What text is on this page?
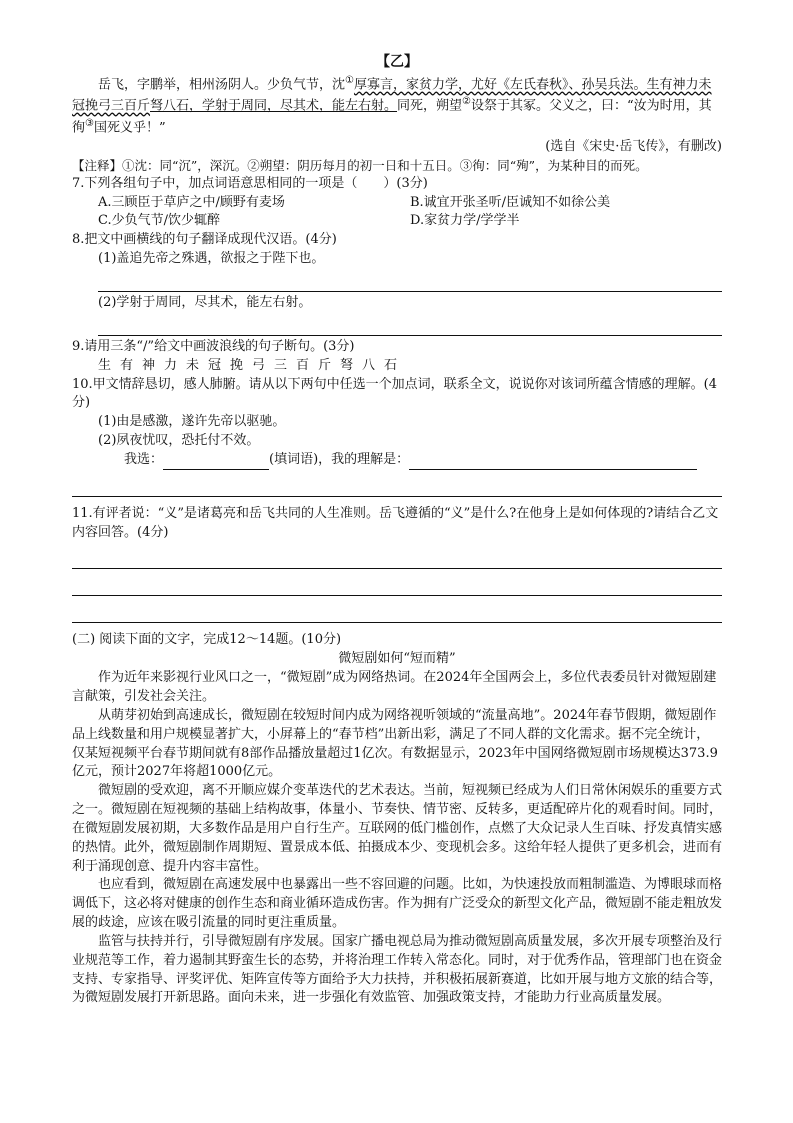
【乙】

岳飞，字鹏举，相州汤阴人。少负气节，沈①厚寡言，家贫力学，尤好《左氏春秋》、孙吴兵法。生有神力未冠挽弓三百斤弩八石，学射于周同，尽其术，能左右射。同死，朔望②设祭于其冢。父义之，曰：“汝为时用，其徇③国死义乎！”

(选自《宋史·岳飞传》，有删改)
【注释】①沈：同“沉”，深沉。②朔望：阴历每月的初一日和十五日。③徇：同“殉”，为某种目的而死。
7.下列各组句子中，加点词语意思相同的一项是（　　）(3分)
A.三顾臣于草庐之中/顾野有麦场	B.诚宜开张圣听/臣诚知不如徐公美
C.少负气节/饮少辄醉	D.家贫力学/学学半
8.把文中画横线的句子翻译成现代汉语。(4分)
(1)盖追先帝之殊遇，欲报之于陛下也。
(2)学射于周同，尽其术，能左右射。
9.请用三条“/”给文中画波浪线的句子断句。(3分)
生有神力未冠挽弓三百斤弩八石
10.甲文情辞恳切，感人肺腑。请从以下两句中任选一个加点词，联系全文，说说你对该词所蕴含情感的理解。(4分)
(1)由是感激，遂许先帝以驱驰。
(2)夙夜忧叹，恐托付不效。
我选：	(填词语)，我的理解是：
11.有评者说：“义”是诸葛亮和岳飞共同的人生准则。岳飞遵循的“义”是什么?在他身上是如何体现的?请结合乙文内容回答。(4分)
(二) 阅读下面的文字，完成12～14题。(10分)
微短剧如何“短而精”

作为近年来影视行业风口之一，“微短剧”成为网络热词。在2024年全国两会上，多位代表委员针对微短剧建言献策，引发社会关注。

从萌芽初始到高速成长，微短剧在较短时间内成为网络视听领域的“流量高地”。2024年春节假期，微短剧作品上线数量和用户规模显著扩大，小屏幕上的“春节档”出新出彩，满足了不同人群的文化需求。据不完全统计，仅某短视频平台春节期间就有8部作品播放量超过1亿次。有数据显示，2023年中国网络微短剧市场规模达373.9亿元，预计2027年将超1000亿元。

微短剧的受欢迎，离不开顺应媒介变革迭代的艺术表达。当前，短视频已经成为人们日常休闲娱乐的重要方式之一。微短剧在短视频的基础上结构故事，体量小、节奏快、情节密、反转多，更适配碎片化的观看时间。同时，在微短剧发展初期，大多数作品是用户自行生产。互联网的低门槛创作，点燃了大众记录人生百味、抒发真情实感的热情。此外，微短剧制作周期短、置景成本低、拍摄成本少、变现机会多。这给年轻人提供了更多机会，进而有利于涌现创意、提升内容丰富性。

也应看到，微短剧在高速发展中也暴露出一些不容回避的问题。比如，为快速投放而粗制滥造、为博眼球而格调低下，这必将对健康的创作生态和商业循环造成伤害。作为拥有广泛受众的新型文化产品，微短剧不能走粗放发展的歧途，应该在吸引流量的同时更注重质量。

监管与扶持并行，引导微短剧有序发展。国家广播电视总局为推动微短剧高质量发展，多次开展专项整治及行业规范等工作，着力遏制其野蛮生长的态势，并将治理工作转入常态化。同时，对于优秀作品，管理部门也在资金支持、专家指导、评奖评优、矩阵宣传等方面给予大力扶持，并积极拓展新赛道，比如开展与地方文旅的结合等，为微短剧发展打开新思路。面向未来，进一步强化有效监管、加强政策支持，才能助力行业高质量发展。
